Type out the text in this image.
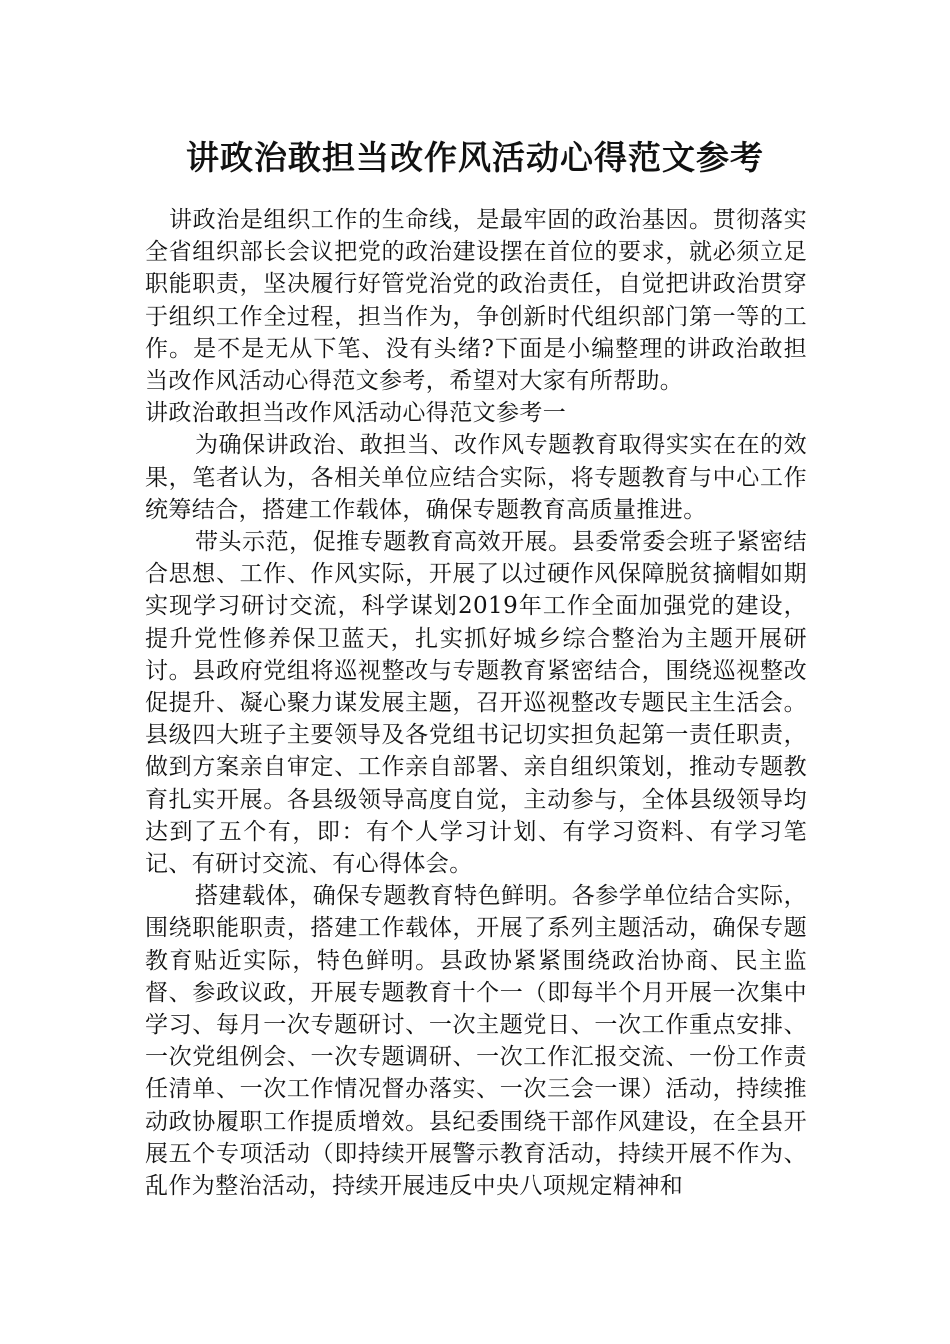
讲政治敢担当改作风活动心得范文参考

讲政治是组织工作的生命线，是最牢固的政治基因。贯彻落实全省组织部长会议把党的政治建设摆在首位的要求，就必须立足职能职责，坚决履行好管党治党的政治责任，自觉把讲政治贯穿于组织工作全过程，担当作为，争创新时代组织部门第一等的工作。是不是无从下笔、没有头绪?下面是小编整理的讲政治敢担当改作风活动心得范文参考，希望对大家有所帮助。

讲政治敢担当改作风活动心得范文参考一

为确保讲政治、敢担当、改作风专题教育取得实实在在的效果，笔者认为，各相关单位应结合实际，将专题教育与中心工作统筹结合，搭建工作载体，确保专题教育高质量推进。

带头示范，促推专题教育高效开展。县委常委会班子紧密结合思想、工作、作风实际，开展了以过硬作风保障脱贫摘帽如期实现学习研讨交流，科学谋划2019年工作全面加强党的建设，提升党性修养保卫蓝天，扎实抓好城乡综合整治为主题开展研讨。县政府党组将巡视整改与专题教育紧密结合，围绕巡视整改促提升、凝心聚力谋发展主题，召开巡视整改专题民主生活会。县级四大班子主要领导及各党组书记切实担负起第一责任职责，做到方案亲自审定、工作亲自部署、亲自组织策划，推动专题教育扎实开展。各县级领导高度自觉，主动参与，全体县级领导均达到了五个有，即：有个人学习计划、有学习资料、有学习笔记、有研讨交流、有心得体会。

搭建载体，确保专题教育特色鲜明。各参学单位结合实际，围绕职能职责，搭建工作载体，开展了系列主题活动，确保专题教育贴近实际，特色鲜明。县政协紧紧围绕政治协商、民主监督、参政议政，开展专题教育十个一（即每半个月开展一次集中学习、每月一次专题研讨、一次主题党日、一次工作重点安排、一次党组例会、一次专题调研、一次工作汇报交流、一份工作责任清单、一次工作情况督办落实、一次三会一课）活动，持续推动政协履职工作提质增效。县纪委围绕干部作风建设，在全县开展五个专项活动（即持续开展警示教育活动，持续开展不作为、乱作为整治活动，持续开展违反中央八项规定精神和
